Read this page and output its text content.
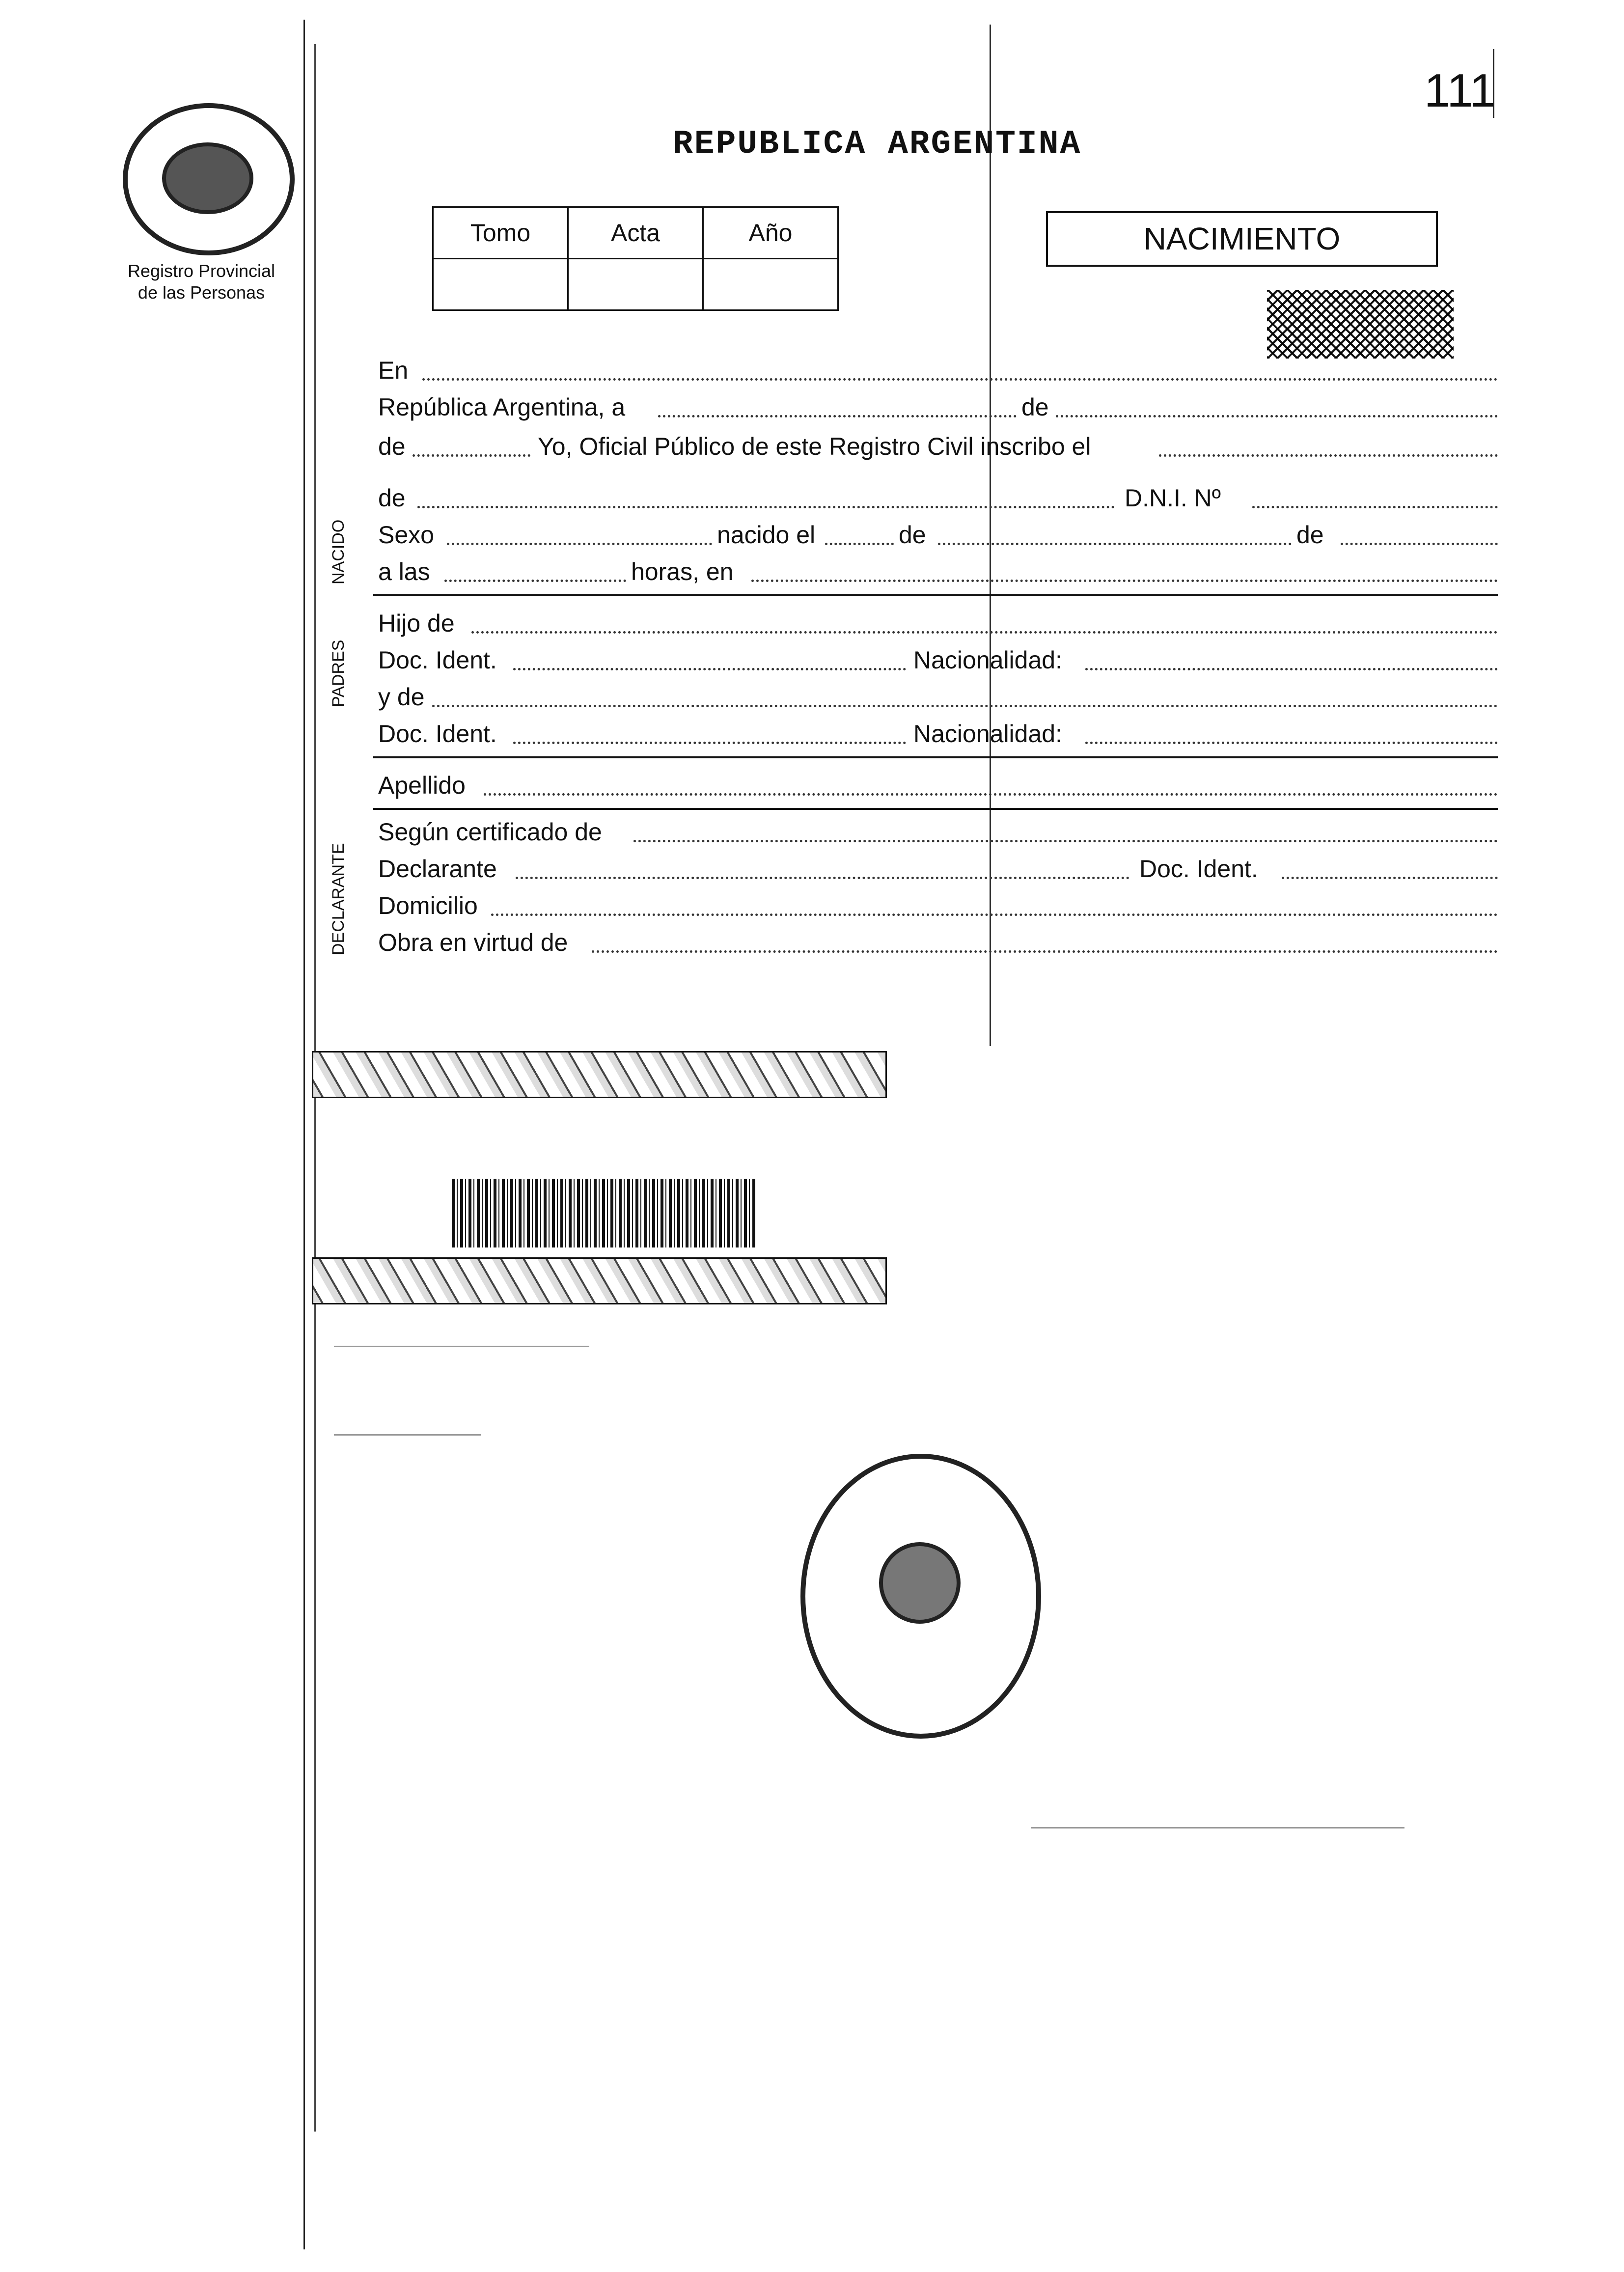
111
Registro Provincial
de las Personas
REPUBLICA ARGENTINA
Tomo	Acta	Año
			NACIMIENTO
En
República Argentina, a	de
de	Yo, Oficial Público de este Registro Civil inscribo el
NACIDO
de	D.N.I. Nº
Sexo	nacido el	de	de
a las	horas, en
PADRES
Hijo de
Doc. Ident.	Nacionalidad:
y de
Doc. Ident.	Nacionalidad:
Apellido
DECLARANTE
Según certificado de
Declarante	Doc. Ident.
Domicilio
Obra en virtud de
